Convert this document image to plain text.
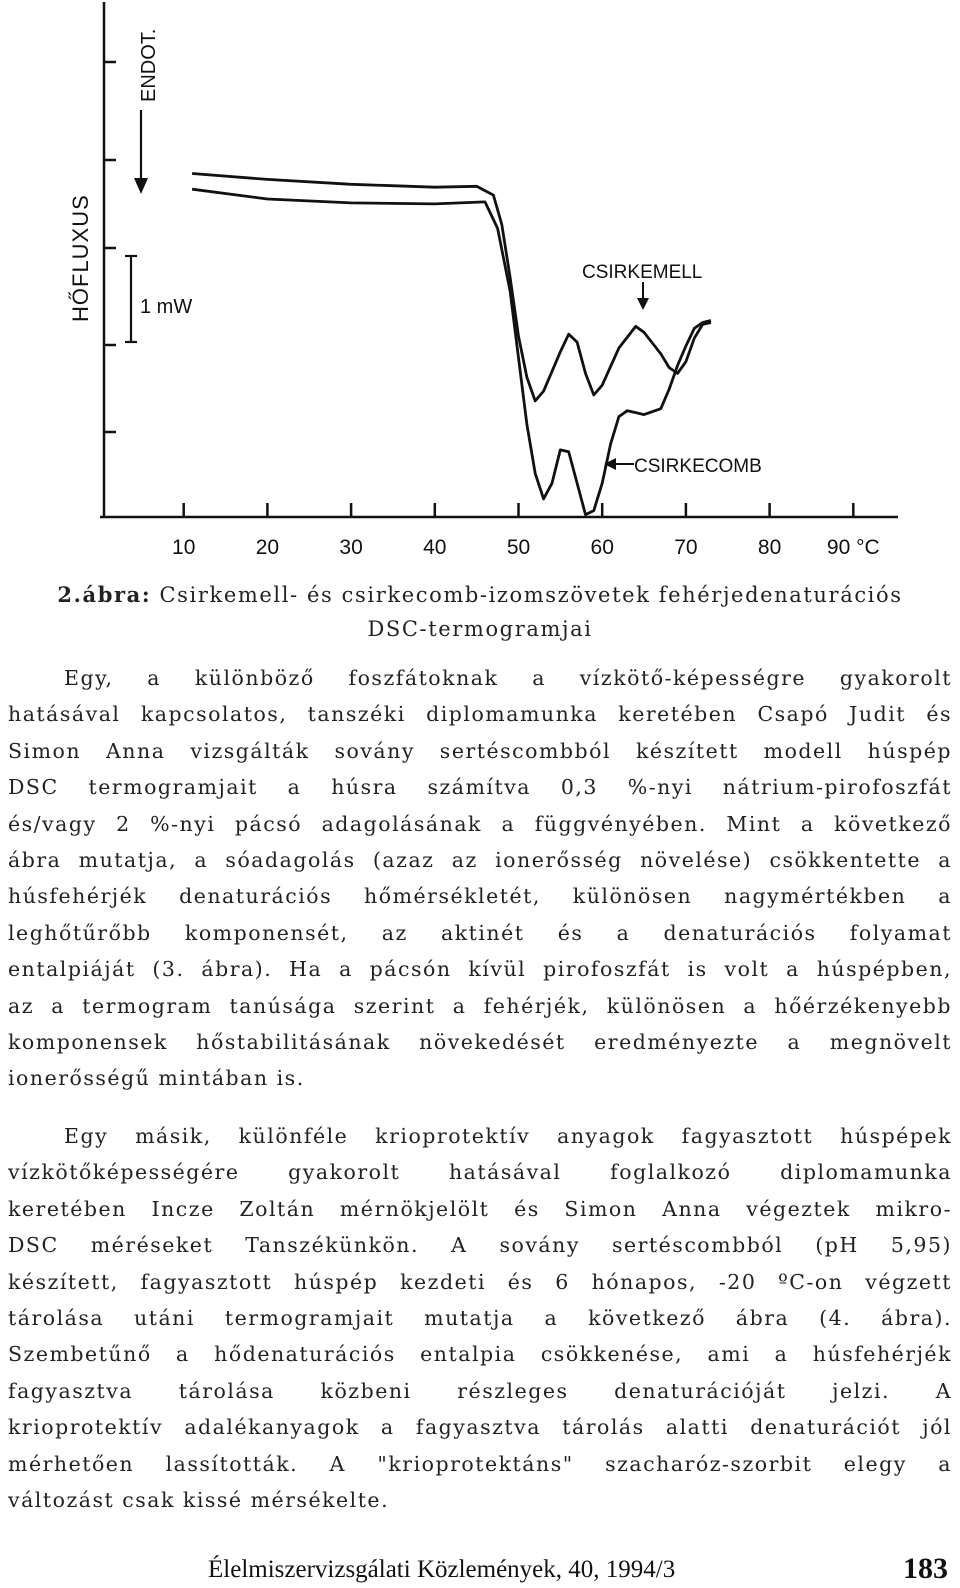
10	20	30	40	50	60	70	80 90 °C
HŐFLUXUS
ENDOT.
1 mW
CSIRKEMELL
CSIRKECOMB
2.ábra: Csirkemell- és csirkecomb-izomszövetek fehérjedenaturációs
DSC-termogramjai
Egy, a különböző foszfátoknak a vízkötő-képességre gyakorolt
hatásával kapcsolatos, tanszéki diplomamunka keretében Csapó Judit és
Simon Anna vizsgálták sovány sertéscombból készített modell húspép
DSC termogramjait a húsra számítva 0,3 %-nyi nátrium-pirofoszfát
és/vagy 2 %-nyi pácsó adagolásának a függvényében. Mint a következő
ábra mutatja, a sóadagolás (azaz az ionerősség növelése) csökkentette a
húsfehérjék denaturációs hőmérsékletét, különösen nagymértékben a
leghőtűrőbb komponensét, az aktinét és a denaturációs folyamat
entalpiáját (3. ábra). Ha a pácsón kívül pirofoszfát is volt a húspépben,
az a termogram tanúsága szerint a fehérjék, különösen a hőérzékenyebb
komponensek hőstabilitásának növekedését eredményezte a megnövelt
ionerősségű mintában is.
Egy másik, különféle krioprotektív anyagok fagyasztott húspépek
vízkötőképességére gyakorolt hatásával foglalkozó diplomamunka
keretében Incze Zoltán mérnökjelölt és Simon Anna végeztek mikro-
DSC méréseket Tanszékünkön. A sovány sertéscombból (pH 5,95)
készített, fagyasztott húspép kezdeti és 6 hónapos, -20 ºC-on végzett
tárolása utáni termogramjait mutatja a következő ábra (4. ábra).
Szembetűnő a hődenaturációs entalpia csökkenése, ami a húsfehérjék
fagyasztva tárolása közbeni részleges denaturációját jelzi. A
krioprotektív adalékanyagok a fagyasztva tárolás alatti denaturációt jól
mérhetően lassították. A "krioprotektáns" szacharóz-szorbit elegy a
változást csak kissé mérsékelte.
Élelmiszervizsgálati Közlemények, 40, 1994/3	183
